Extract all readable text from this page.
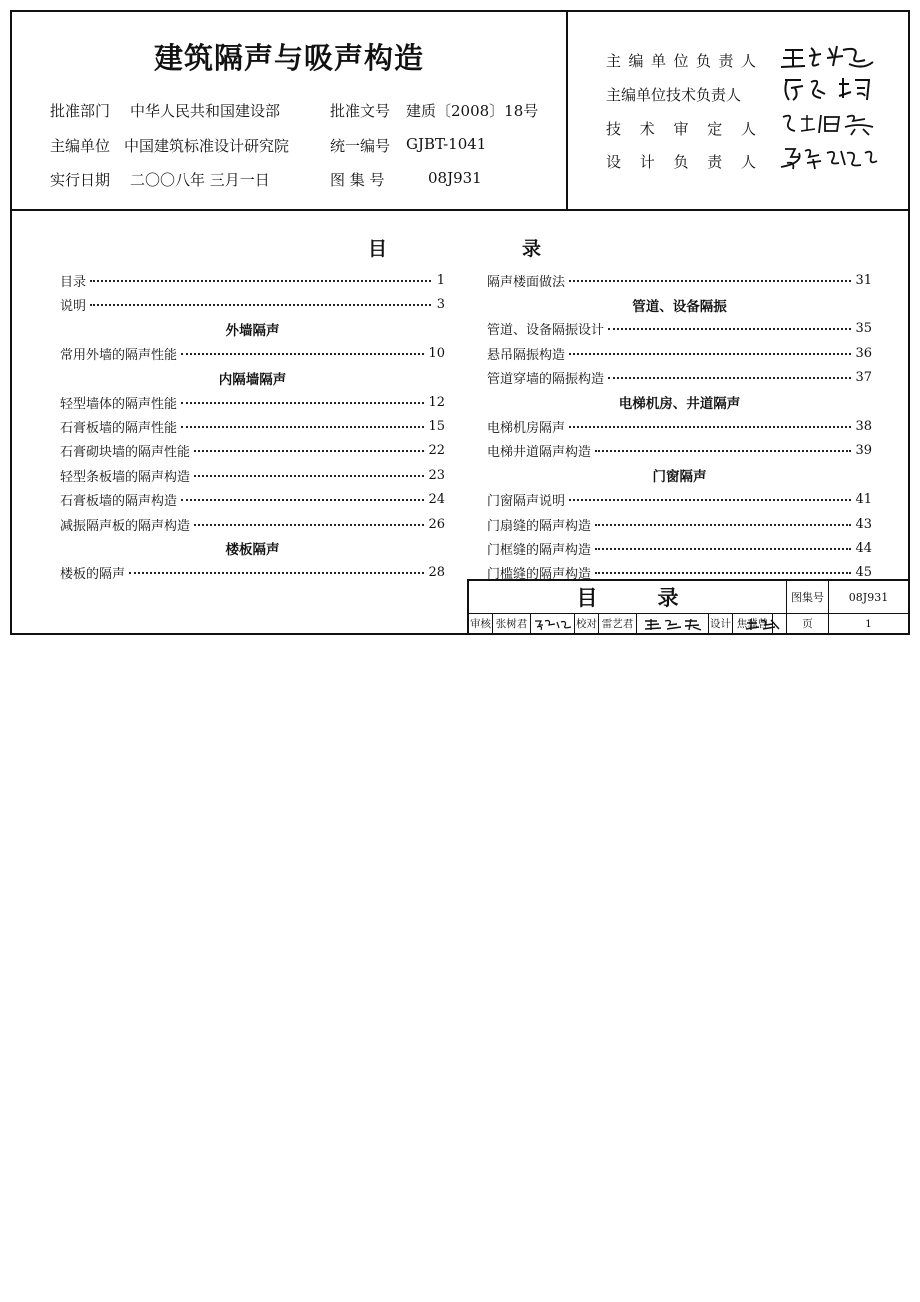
建筑隔声与吸声构造
批准部门 中华人民共和国建设部	批准文号 建质〔2008〕18号
主编单位 中国建筑标准设计研究院	统一编号 GJBT-1041
实行日期 二〇〇八年 三月一日	图 集 号	08J931
主编单位负责人
主编单位技术负责人
技术审定人
设计负责人
目	录
目录	1
说明	3
外墙隔声
常用外墙的隔声性能	10
内隔墙隔声
轻型墙体的隔声性能	12
石膏板墙的隔声性能	15
石膏砌块墙的隔声性能	22
轻型条板墙的隔声构造	23
石膏板墙的隔声构造	24
减振隔声板的隔声构造	26
楼板隔声
楼板的隔声	28
隔声楼面做法	31
管道、设备隔振
管道、设备隔振设计	35
悬吊隔振构造	36
管道穿墙的隔振构造	37
电梯机房、井道隔声
电梯机房隔声	38
电梯井道隔声构造	39
门窗隔声
门窗隔声说明	41
门扇缝的隔声构造	43
门框缝的隔声构造	44
门槛缝的隔声构造	45
目	录	图集号	08J931
审核 张树君	校对 雷艺君	设计 焦冀曾	页	1
